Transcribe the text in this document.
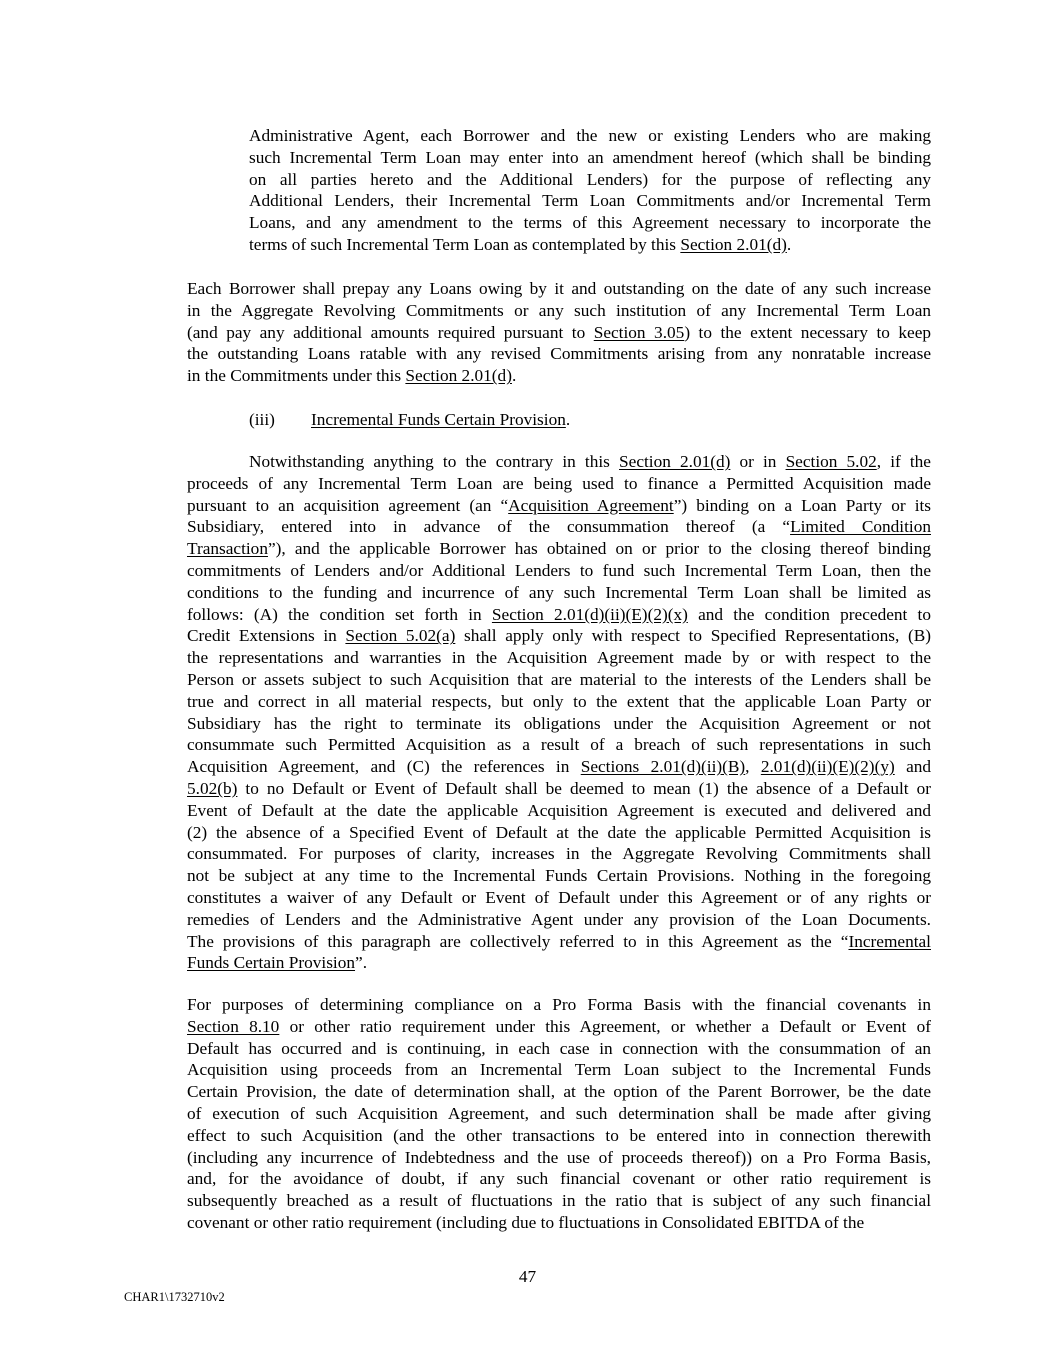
Administrative Agent, each Borrower and the new or existing Lenders who are making
such Incremental Term Loan may enter into an amendment hereof (which shall be binding
on all parties hereto and the Additional Lenders) for the purpose of reflecting any
Additional Lenders, their Incremental Term Loan Commitments and/or Incremental Term
Loans, and any amendment to the terms of this Agreement necessary to incorporate the
terms of such Incremental Term Loan as contemplated by this Section 2.01(d).
Each Borrower shall prepay any Loans owing by it and outstanding on the date of any such increase
in the Aggregate Revolving Commitments or any such institution of any Incremental Term Loan
(and pay any additional amounts required pursuant to Section 3.05) to the extent necessary to keep
the outstanding Loans ratable with any revised Commitments arising from any nonratable increase
in the Commitments under this Section 2.01(d).
(iii) Incremental Funds Certain Provision.
Notwithstanding anything to the contrary in this Section 2.01(d) or in Section 5.02, if the
proceeds of any Incremental Term Loan are being used to finance a Permitted Acquisition made
pursuant to an acquisition agreement (an “Acquisition Agreement”) binding on a Loan Party or its
Subsidiary, entered into in advance of the consummation thereof (a “Limited Condition
Transaction”), and the applicable Borrower has obtained on or prior to the closing thereof binding
commitments of Lenders and/or Additional Lenders to fund such Incremental Term Loan, then the
conditions to the funding and incurrence of any such Incremental Term Loan shall be limited as
follows: (A) the condition set forth in Section 2.01(d)(ii)(E)(2)(x) and the condition precedent to
Credit Extensions in Section 5.02(a) shall apply only with respect to Specified Representations, (B)
the representations and warranties in the Acquisition Agreement made by or with respect to the
Person or assets subject to such Acquisition that are material to the interests of the Lenders shall be
true and correct in all material respects, but only to the extent that the applicable Loan Party or
Subsidiary has the right to terminate its obligations under the Acquisition Agreement or not
consummate such Permitted Acquisition as a result of a breach of such representations in such
Acquisition Agreement, and (C) the references in Sections 2.01(d)(ii)(B), 2.01(d)(ii)(E)(2)(y) and
5.02(b) to no Default or Event of Default shall be deemed to mean (1) the absence of a Default or
Event of Default at the date the applicable Acquisition Agreement is executed and delivered and
(2) the absence of a Specified Event of Default at the date the applicable Permitted Acquisition is
consummated. For purposes of clarity, increases in the Aggregate Revolving Commitments shall
not be subject at any time to the Incremental Funds Certain Provisions. Nothing in the foregoing
constitutes a waiver of any Default or Event of Default under this Agreement or of any rights or
remedies of Lenders and the Administrative Agent under any provision of the Loan Documents.
The provisions of this paragraph are collectively referred to in this Agreement as the “Incremental
Funds Certain Provision”.
For purposes of determining compliance on a Pro Forma Basis with the financial covenants in
Section 8.10 or other ratio requirement under this Agreement, or whether a Default or Event of
Default has occurred and is continuing, in each case in connection with the consummation of an
Acquisition using proceeds from an Incremental Term Loan subject to the Incremental Funds
Certain Provision, the date of determination shall, at the option of the Parent Borrower, be the date
of execution of such Acquisition Agreement, and such determination shall be made after giving
effect to such Acquisition (and the other transactions to be entered into in connection therewith
(including any incurrence of Indebtedness and the use of proceeds thereof)) on a Pro Forma Basis,
and, for the avoidance of doubt, if any such financial covenant or other ratio requirement is
subsequently breached as a result of fluctuations in the ratio that is subject of any such financial
covenant or other ratio requirement (including due to fluctuations in Consolidated EBITDA of the
47
CHAR1\1732710v2
